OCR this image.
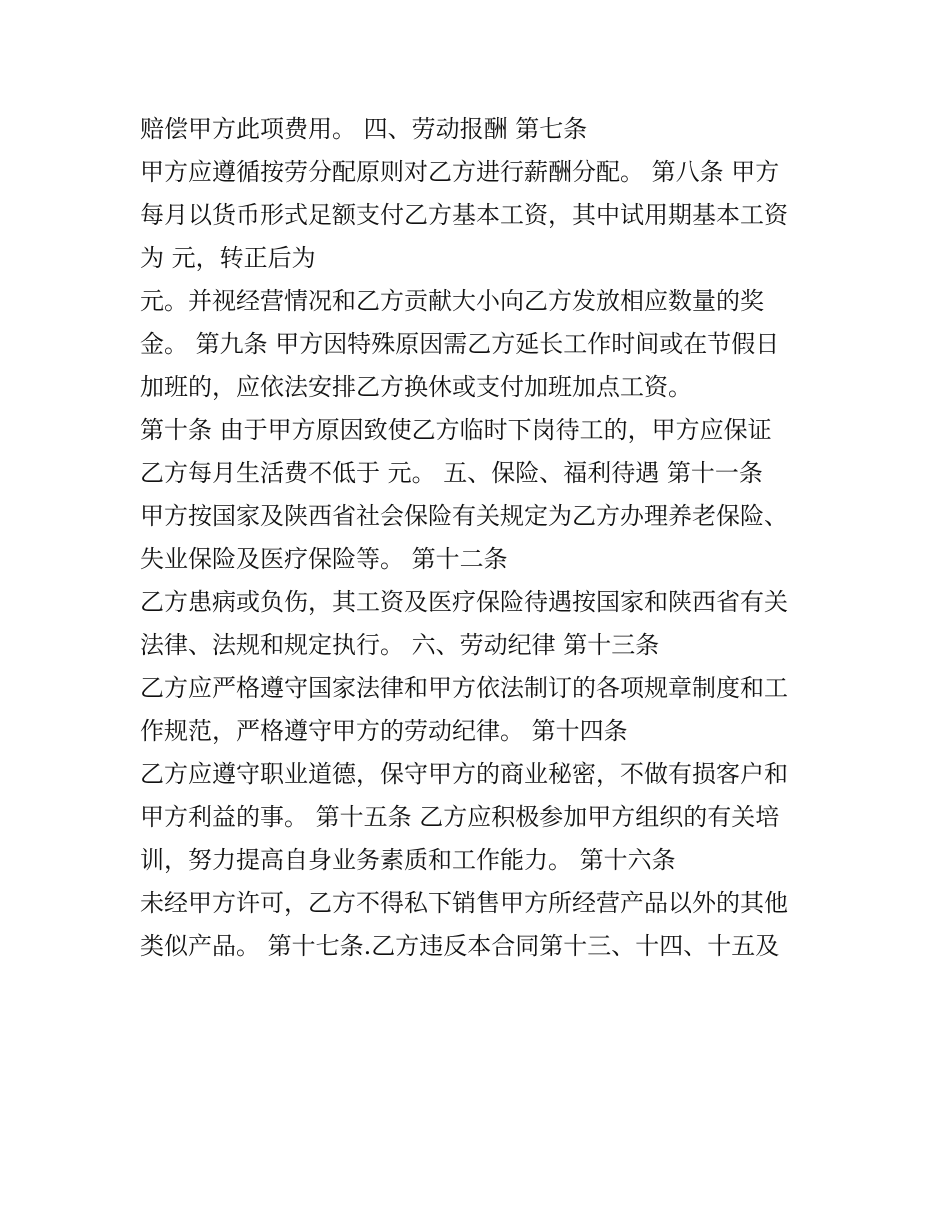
赔偿甲方此项费用。 四、劳动报酬 第七条
甲方应遵循按劳分配原则对乙方进行薪酬分配。 第八条 甲方
每月以货币形式足额支付乙方基本工资，其中试用期基本工资
为 元，转正后为
元。并视经营情况和乙方贡献大小向乙方发放相应数量的奖
金。 第九条 甲方因特殊原因需乙方延长工作时间或在节假日
加班的，应依法安排乙方换休或支付加班加点工资。
第十条 由于甲方原因致使乙方临时下岗待工的，甲方应保证
乙方每月生活费不低于 元。 五、保险、福利待遇 第十一条
甲方按国家及陕西省社会保险有关规定为乙方办理养老保险、
失业保险及医疗保险等。 第十二条
乙方患病或负伤，其工资及医疗保险待遇按国家和陕西省有关
法律、法规和规定执行。 六、劳动纪律 第十三条
乙方应严格遵守国家法律和甲方依法制订的各项规章制度和工
作规范，严格遵守甲方的劳动纪律。 第十四条
乙方应遵守职业道德，保守甲方的商业秘密，不做有损客户和
甲方利益的事。 第十五条 乙方应积极参加甲方组织的有关培
训，努力提高自身业务素质和工作能力。 第十六条
未经甲方许可，乙方不得私下销售甲方所经营产品以外的其他
类似产品。 第十七条.乙方违反本合同第十三、十四、十五及
